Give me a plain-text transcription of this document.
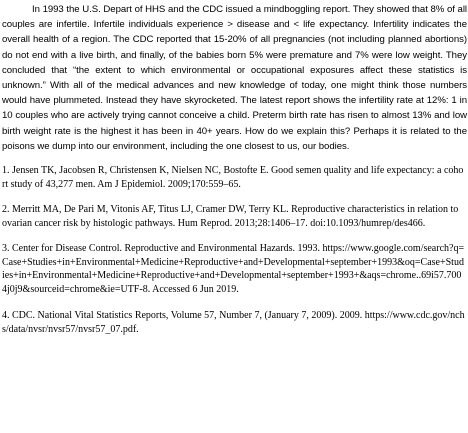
In 1993 the U.S. Depart of HHS and the CDC issued a mindboggling report. They showed that 8% of all couples are infertile. Infertile individuals experience > disease and < life expectancy. Infertility indicates the overall health of a region. The CDC reported that 15-20% of all pregnancies (not including planned abortions) do not end with a live birth, and finally, of the babies born 5% were premature and 7% were low weight. They concluded that “the extent to which environmental or occupational exposures affect these statistics is unknown.” With all of the medical advances and new knowledge of today, one might think those numbers would have plummeted. Instead they have skyrocketed. The latest report shows the infertility rate at 12%: 1 in 10 couples who are actively trying cannot conceive a child. Preterm birth rate has risen to almost 13% and low birth weight rate is the highest it has been in 40+ years. How do we explain this? Perhaps it is related to the poisons we dump into our environment, including the one closest to us, our bodies.

1. Jensen TK, Jacobsen R, Christensen K, Nielsen NC, Bostofte E. Good semen quality and life expectancy: a cohort study of 43,277 men. Am J Epidemiol. 2009;170:559–65.

2. Merritt MA, De Pari M, Vitonis AF, Titus LJ, Cramer DW, Terry KL. Reproductive characteristics in relation to ovarian cancer risk by histologic pathways. Hum Reprod. 2013;28:1406–17. doi:10.1093/humrep/des466.

3. Center for Disease Control. Reproductive and Environmental Hazards. 1993. https://www.google.com/search?q=Case+Studies+in+Environmental+Medicine+Reproductive+and+Developmental+september+1993&oq=Case+Studies+in+Environmental+Medicine+Reproductive+and+Developmental+september+1993+&aqs=chrome..69i57.7004j0j9&sourceid=chrome&ie=UTF-8. Accessed 6 Jun 2019.

4. CDC. National Vital Statistics Reports, Volume 57, Number 7, (January 7, 2009). 2009. https://www.cdc.gov/nchs/data/nvsr/nvsr57/nvsr57_07.pdf.
